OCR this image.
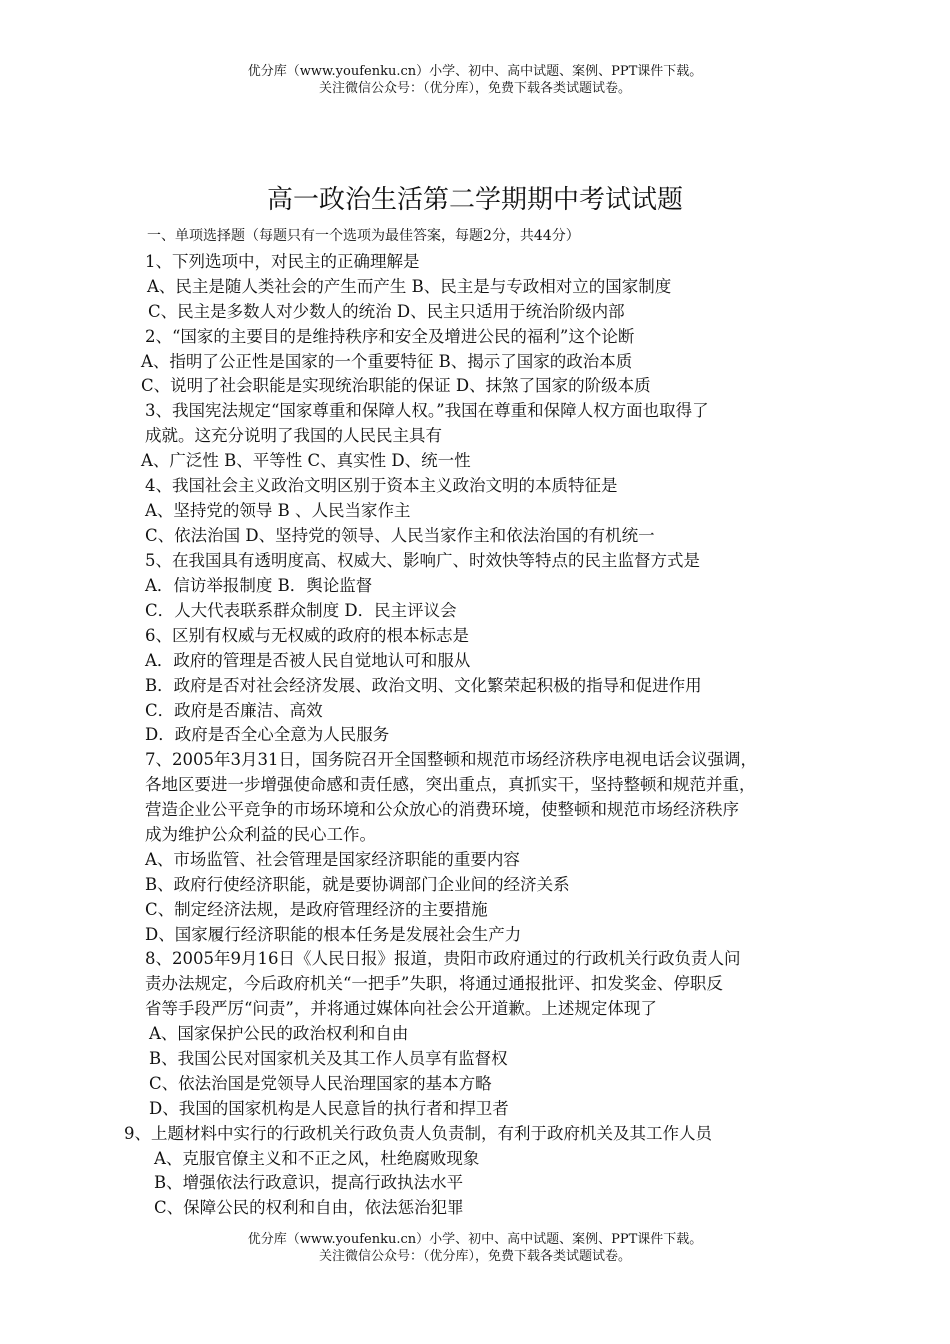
优分库（www.youfenku.cn）小学、初中、高中试题、案例、PPT课件下载。
关注微信公众号：（优分库），免费下载各类试题试卷。
高一政治生活第二学期期中考试试题
一、单项选择题（每题只有一个选项为最佳答案，每题2分，共44分）
1、下列选项中，对民主的正确理解是
A、民主是随人类社会的产生而产生 B、民主是与专政相对立的国家制度
C、民主是多数人对少数人的统治 D、民主只适用于统治阶级内部
2、“国家的主要目的是维持秩序和安全及增进公民的福利”这个论断
A、指明了公正性是国家的一个重要特征 B、揭示了国家的政治本质
C、说明了社会职能是实现统治职能的保证 D、抹煞了国家的阶级本质
3、我国宪法规定“国家尊重和保障人权。”我国在尊重和保障人权方面也取得了
成就。这充分说明了我国的人民民主具有
A、广泛性 B、平等性 C、真实性 D、统一性
4、我国社会主义政治文明区别于资本主义政治文明的本质特征是
A、坚持党的领导 B 、人民当家作主
C、依法治国 D、坚持党的领导、人民当家作主和依法治国的有机统一
5、在我国具有透明度高、权威大、影响广、时效快等特点的民主监督方式是
A．信访举报制度 B．舆论监督
C．人大代表联系群众制度 D．民主评议会
6、区别有权威与无权威的政府的根本标志是
A．政府的管理是否被人民自觉地认可和服从
B．政府是否对社会经济发展、政治文明、文化繁荣起积极的指导和促进作用
C．政府是否廉洁、高效
D．政府是否全心全意为人民服务
7、2005年3月31日，国务院召开全国整顿和规范市场经济秩序电视电话会议强调，
各地区要进一步增强使命感和责任感，突出重点，真抓实干，坚持整顿和规范并重，
营造企业公平竞争的市场环境和公众放心的消费环境，使整顿和规范市场经济秩序
成为维护公众利益的民心工作。
A、市场监管、社会管理是国家经济职能的重要内容
B、政府行使经济职能，就是要协调部门企业间的经济关系
C、制定经济法规，是政府管理经济的主要措施
D、国家履行经济职能的根本任务是发展社会生产力
8、2005年9月16日《人民日报》报道，贵阳市政府通过的行政机关行政负责人问
责办法规定，今后政府机关“一把手”失职，将通过通报批评、扣发奖金、停职反
省等手段严厉“问责”，并将通过媒体向社会公开道歉。上述规定体现了
A、国家保护公民的政治权利和自由
B、我国公民对国家机关及其工作人员享有监督权
C、依法治国是党领导人民治理国家的基本方略
D、我国的国家机构是人民意旨的执行者和捍卫者
9、上题材料中实行的行政机关行政负责人负责制，有利于政府机关及其工作人员
A、克服官僚主义和不正之风，杜绝腐败现象
B、增强依法行政意识，提高行政执法水平
C、保障公民的权利和自由，依法惩治犯罪
优分库（www.youfenku.cn）小学、初中、高中试题、案例、PPT课件下载。
关注微信公众号：（优分库），免费下载各类试题试卷。
